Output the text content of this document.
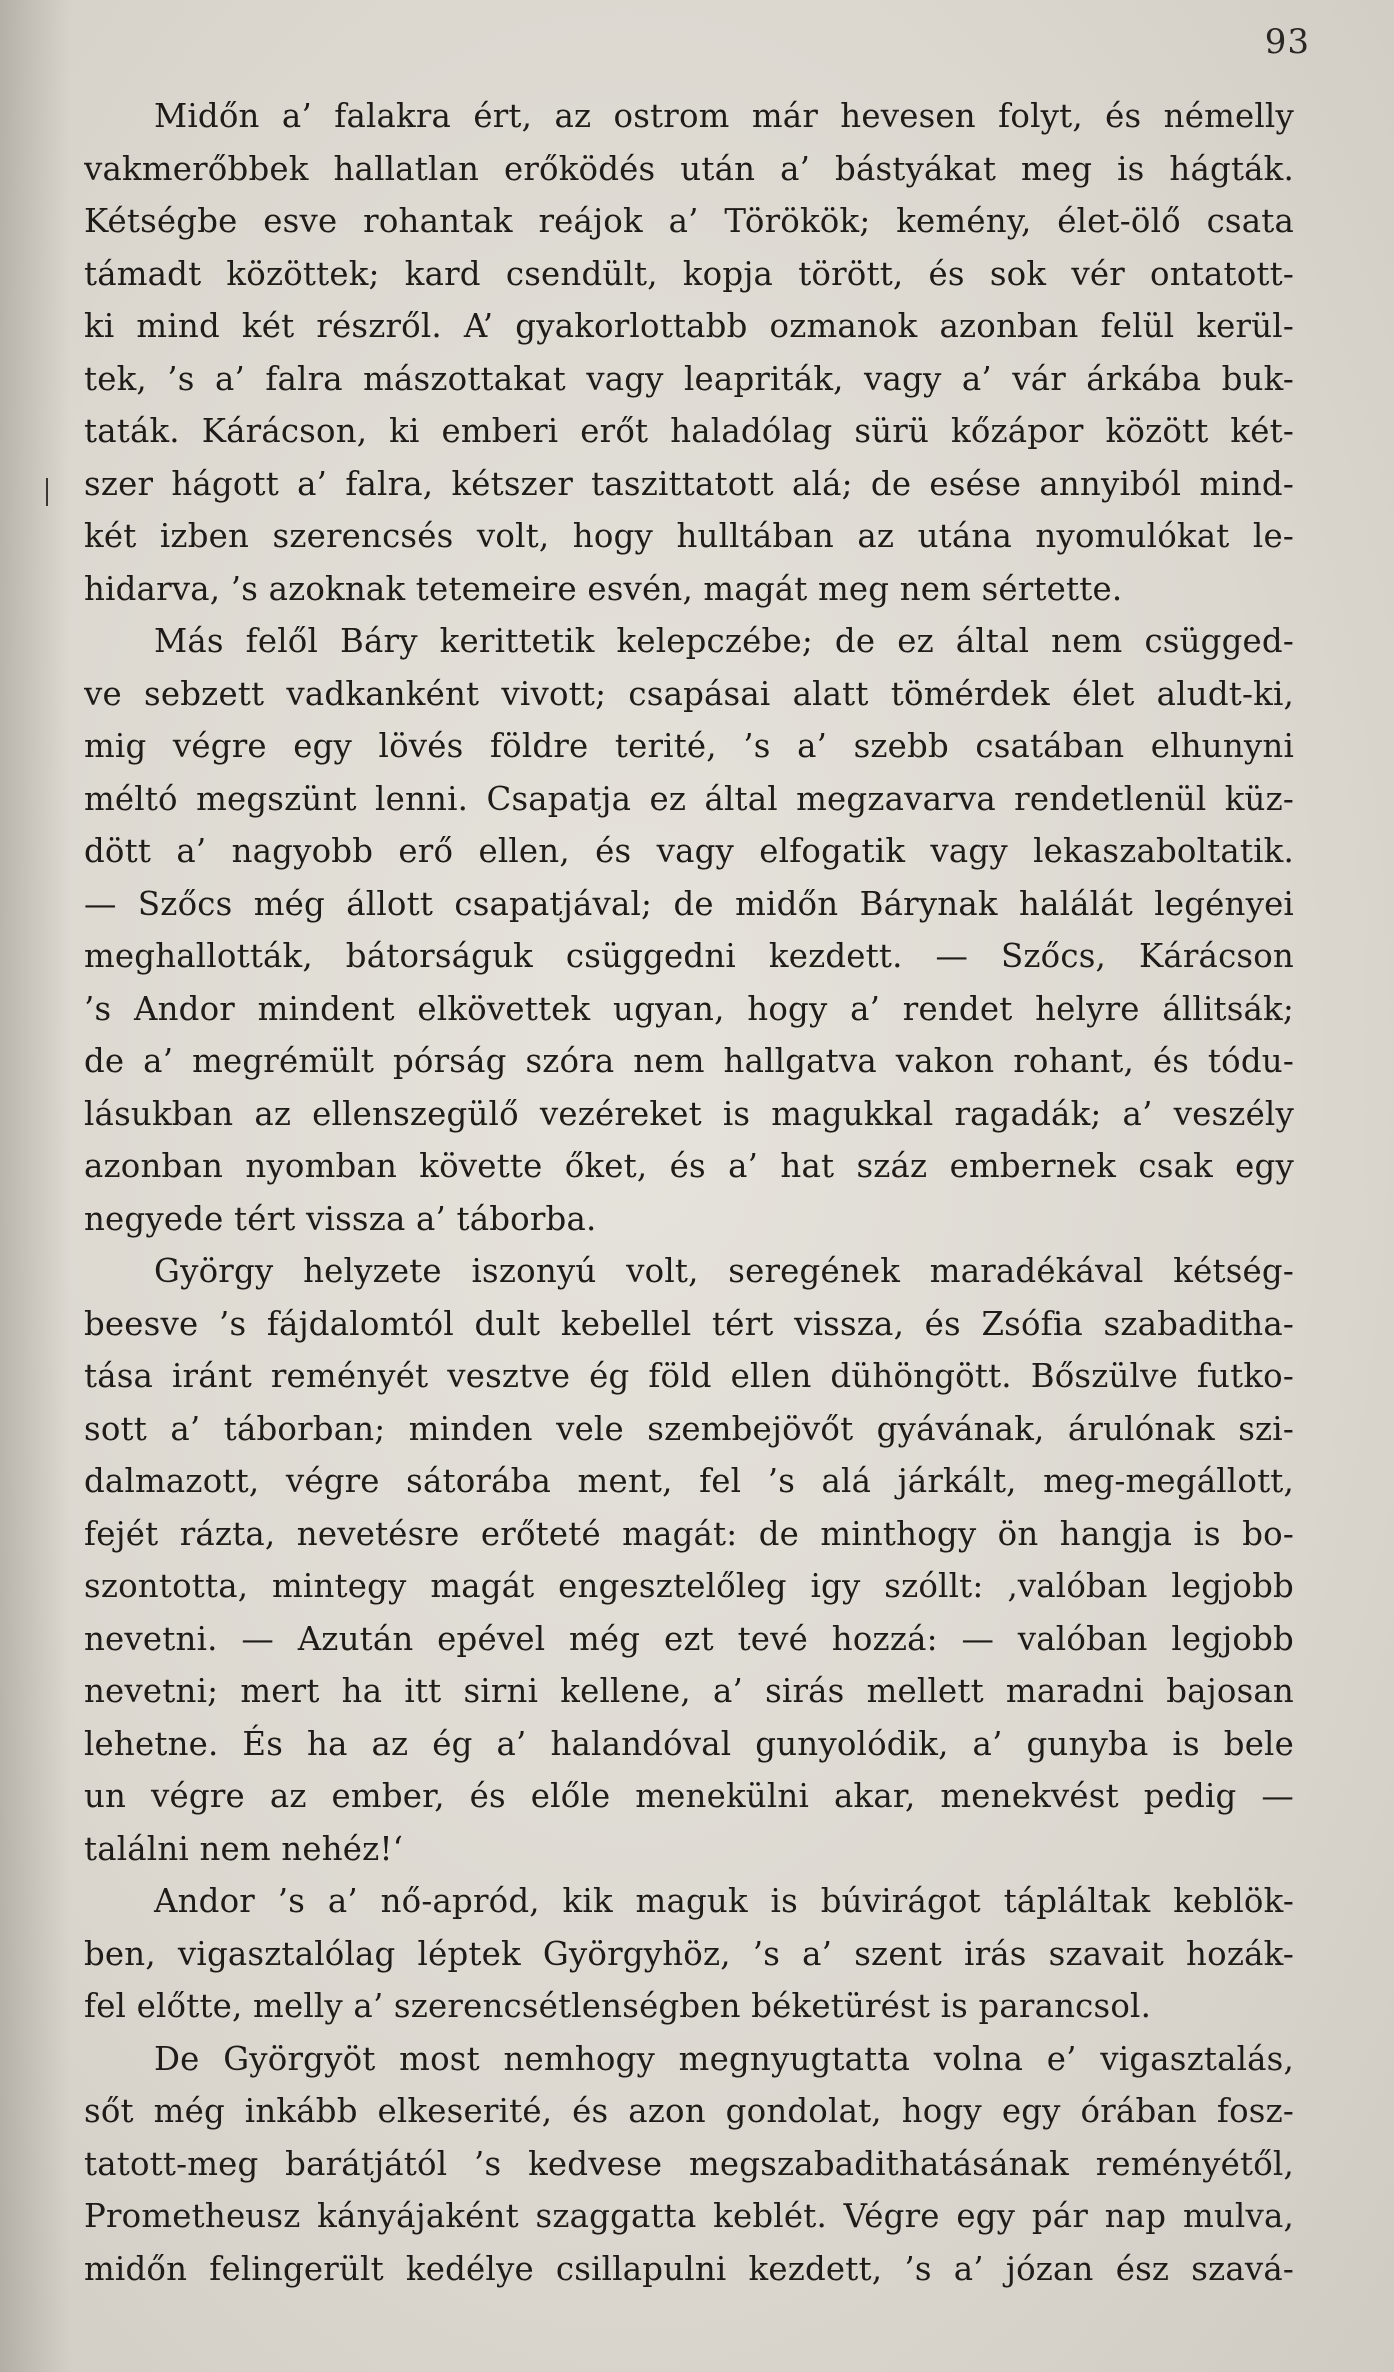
93
Midőn a’ falakra ért, az ostrom már hevesen folyt, és némelly
vakmerőbbek hallatlan erőködés után a’ bástyákat meg is hágták.
Kétségbe esve rohantak reájok a’ Törökök; kemény, élet-ölő csata
támadt közöttek; kard csendült, kopja törött, és sok vér ontatott-
ki mind két részről. A’ gyakorlottabb ozmanok azonban felül kerül-
tek, ’s a’ falra mászottakat vagy leapriták, vagy a’ vár árkába buk-
taták. Kárácson, ki emberi erőt haladólag sürü kőzápor között két-
szer hágott a’ falra, kétszer taszittatott alá; de esése annyiból mind-
két izben szerencsés volt, hogy hulltában az utána nyomulókat le-
hidarva, ’s azoknak tetemeire esvén, magát meg nem sértette.
Más felől Báry kerittetik kelepczébe; de ez által nem csügged-
ve sebzett vadkanként vivott; csapásai alatt tömérdek élet aludt-ki,
mig végre egy lövés földre terité, ’s a’ szebb csatában elhunyni
méltó megszünt lenni. Csapatja ez által megzavarva rendetlenül küz-
dött a’ nagyobb erő ellen, és vagy elfogatik vagy lekaszaboltatik.
— Szőcs még állott csapatjával; de midőn Bárynak halálát legényei
meghallották, bátorságuk csüggedni kezdett. — Szőcs, Kárácson
’s Andor mindent elkövettek ugyan, hogy a’ rendet helyre állitsák;
de a’ megrémült pórság szóra nem hallgatva vakon rohant, és tódu-
lásukban az ellenszegülő vezéreket is magukkal ragadák; a’ veszély
azonban nyomban követte őket, és a’ hat száz embernek csak egy
negyede tért vissza a’ táborba.
György helyzete iszonyú volt, seregének maradékával kétség-
beesve ’s fájdalomtól dult kebellel tért vissza, és Zsófia szabaditha-
tása iránt reményét vesztve ég föld ellen dühöngött. Bőszülve futko-
sott a’ táborban; minden vele szembejövőt gyávának, árulónak szi-
dalmazott, végre sátorába ment, fel ’s alá járkált, meg-megállott,
fejét rázta, nevetésre erőteté magát: de minthogy ön hangja is bo-
szontotta, mintegy magát engesztelőleg igy szóllt: ‚valóban legjobb
nevetni. — Azután epével még ezt tevé hozzá: — valóban legjobb
nevetni; mert ha itt sirni kellene, a’ sirás mellett maradni bajosan
lehetne. És ha az ég a’ halandóval gunyolódik, a’ gunyba is bele
un végre az ember, és előle menekülni akar, menekvést pedig —
találni nem nehéz!‘
Andor ’s a’ nő-apród, kik maguk is búvirágot tápláltak keblök-
ben, vigasztalólag léptek Györgyhöz, ’s a’ szent irás szavait hozák-
fel előtte, melly a’ szerencsétlenségben béketürést is parancsol.
De Györgyöt most nemhogy megnyugtatta volna e’ vigasztalás,
sőt még inkább elkeserité, és azon gondolat, hogy egy órában fosz-
tatott-meg barátjától ’s kedvese megszabadithatásának reményétől,
Prometheusz kányájaként szaggatta keblét. Végre egy pár nap mulva,
midőn felingerült kedélye csillapulni kezdett, ’s a’ józan ész szavá-
